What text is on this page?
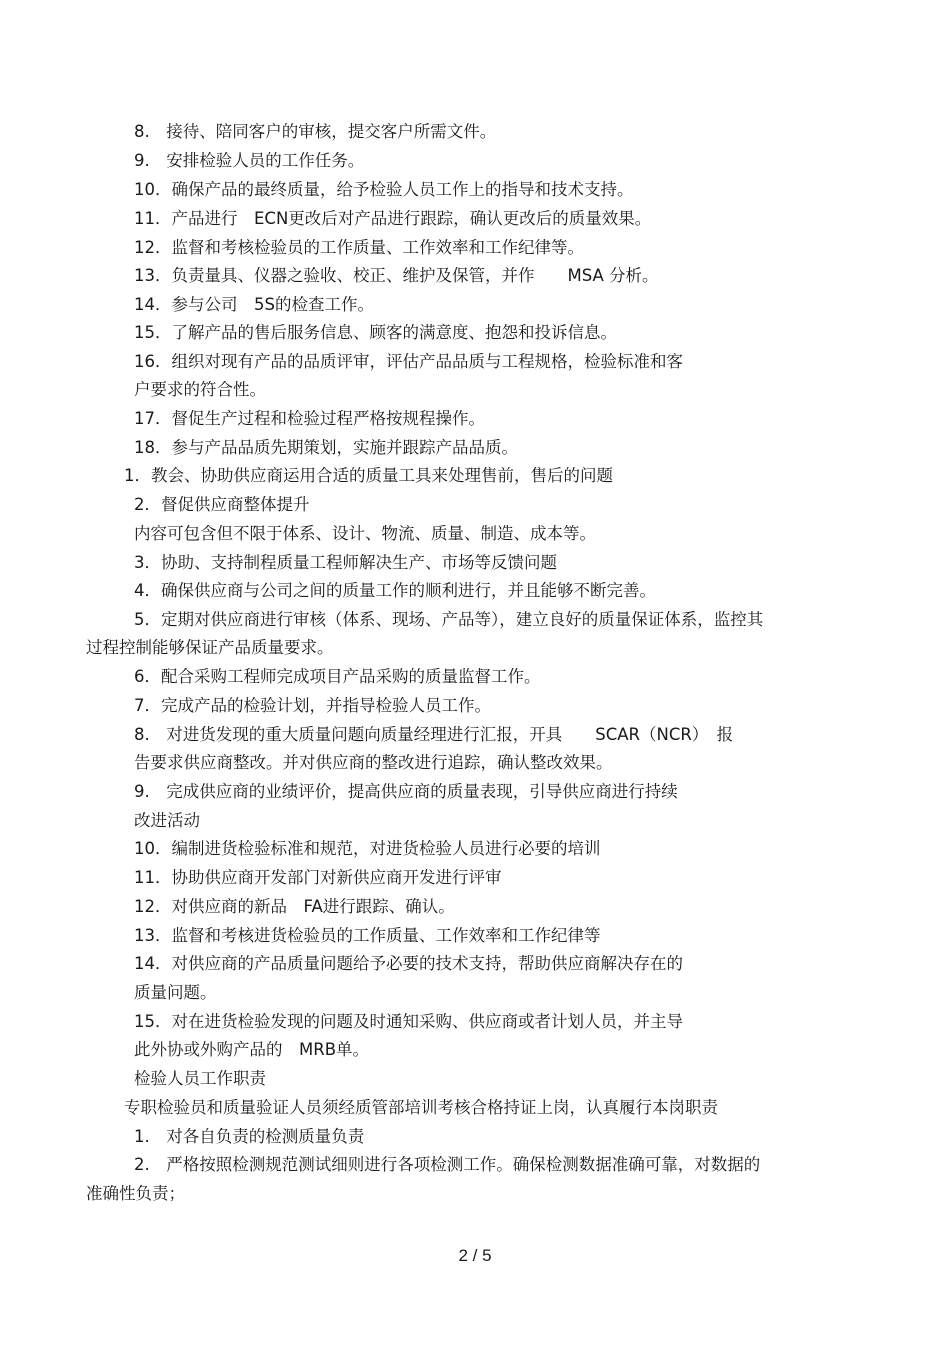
8.　接待、陪同客户的审核，提交客户所需文件。
9.　安排检验人员的工作任务。
10．确保产品的最终质量，给予检验人员工作上的指导和技术支持。
11．产品进行　ECN更改后对产品进行跟踪，确认更改后的质量效果。
12．监督和考核检验员的工作质量、工作效率和工作纪律等。
13．负责量具、仪器之验收、校正、维护及保管，并作　　MSA 分析。
14．参与公司　5S的检查工作。
15．了解产品的售后服务信息、顾客的满意度、抱怨和投诉信息。
16．组织对现有产品的品质评审，评估产品品质与工程规格，检验标准和客
户要求的符合性。
17．督促生产过程和检验过程严格按规程操作。
18．参与产品品质先期策划，实施并跟踪产品品质。
1．教会、协助供应商运用合适的质量工具来处理售前，售后的问题
2．督促供应商整体提升
内容可包含但不限于体系、设计、物流、质量、制造、成本等。
3．协助、支持制程质量工程师解决生产、市场等反馈问题
4．确保供应商与公司之间的质量工作的顺利进行，并且能够不断完善。
5．定期对供应商进行审核（体系、现场、产品等），建立良好的质量保证体系，监控其
过程控制能够保证产品质量要求。
6．配合采购工程师完成项目产品采购的质量监督工作。
7．完成产品的检验计划，并指导检验人员工作。
8.　对进货发现的重大质量问题向质量经理进行汇报，开具　　SCAR（NCR）　报
告要求供应商整改。并对供应商的整改进行追踪，确认整改效果。
9.　完成供应商的业绩评价，提高供应商的质量表现，引导供应商进行持续
改进活动
10．编制进货检验标准和规范，对进货检验人员进行必要的培训
11．协助供应商开发部门对新供应商开发进行评审
12．对供应商的新品　FA进行跟踪、确认。
13．监督和考核进货检验员的工作质量、工作效率和工作纪律等
14．对供应商的产品质量问题给予必要的技术支持，帮助供应商解决存在的
质量问题。
15．对在进货检验发现的问题及时通知采购、供应商或者计划人员，并主导
此外协或外购产品的　MRB单。
检验人员工作职责
专职检验员和质量验证人员须经质管部培训考核合格持证上岗，认真履行本岗职责
1.　对各自负责的检测质量负责
2.　严格按照检测规范测试细则进行各项检测工作。确保检测数据准确可靠，对数据的
准确性负责；
2 / 5
